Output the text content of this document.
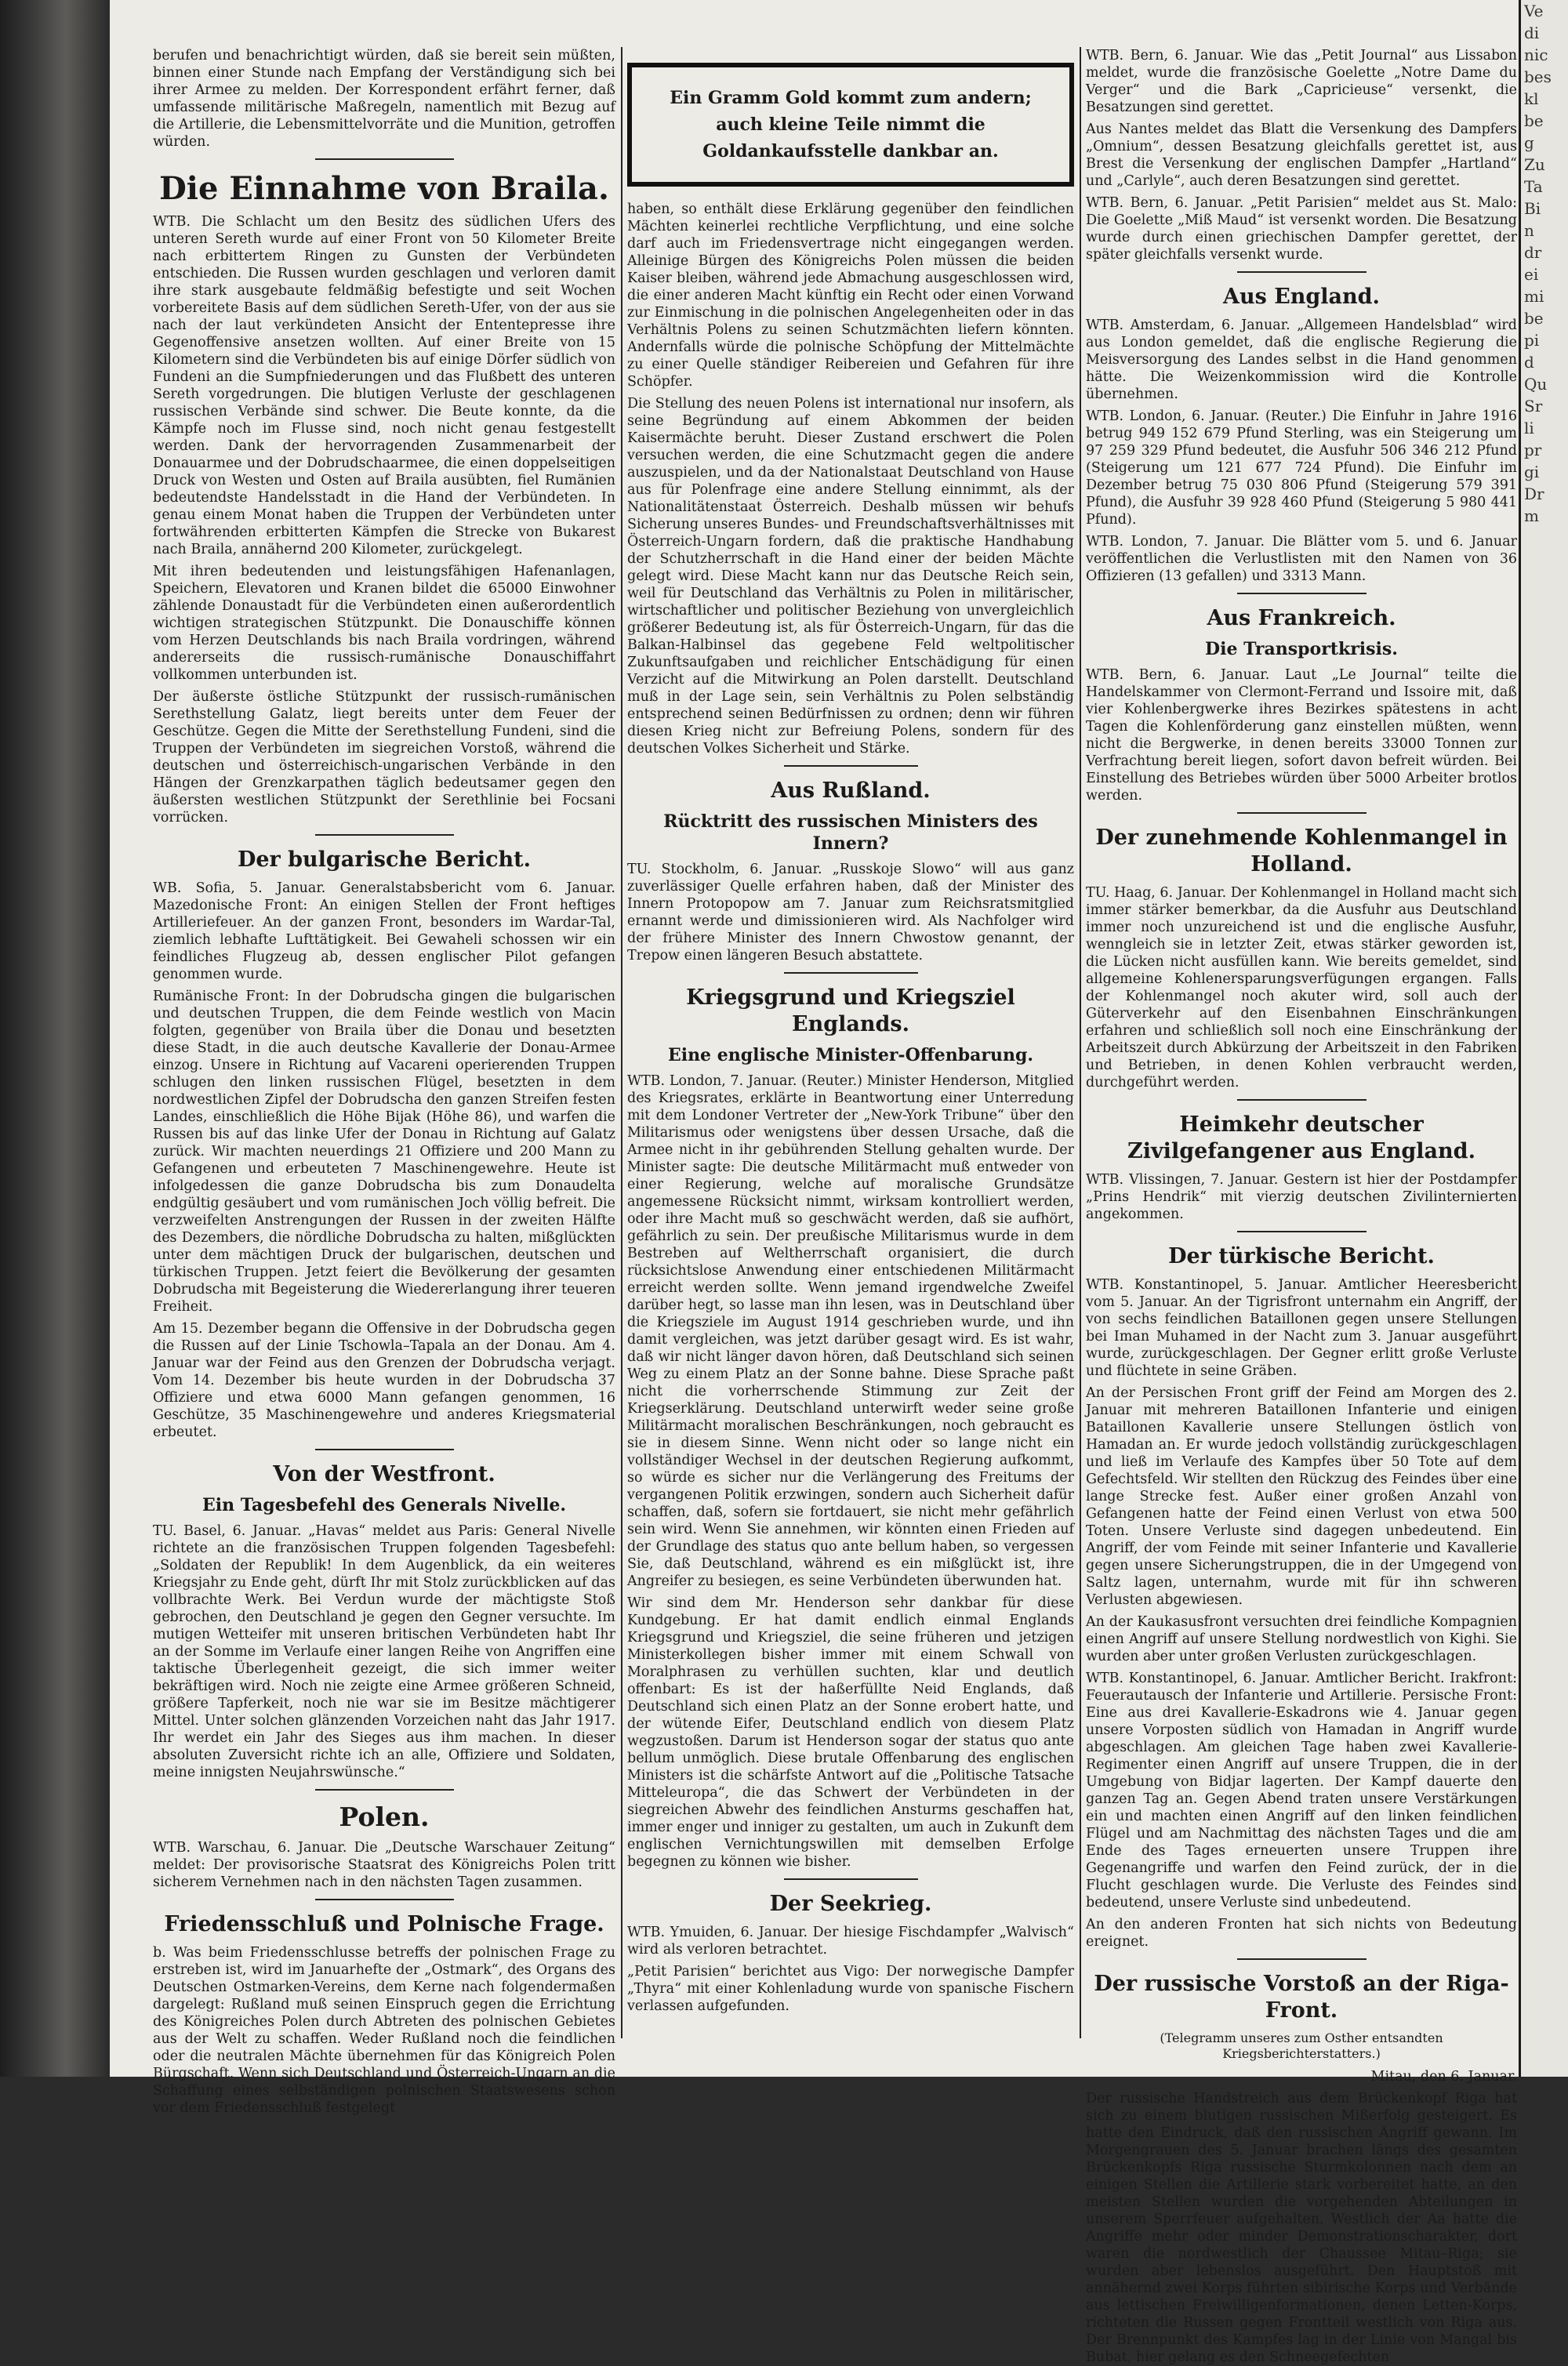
berufen und benachrichtigt würden, daß sie bereit sein müßten, binnen einer Stunde nach Empfang der Verständigung sich bei ihrer Armee zu melden. Der Korrespondent erfährt ferner, daß umfassende militärische Maßregeln, namentlich mit Bezug auf die Artillerie, die Lebensmittelvorräte und die Munition, getroffen würden.

Die Einnahme von Braila.

WTB. Die Schlacht um den Besitz des südlichen Ufers des unteren Sereth wurde auf einer Front von 50 Kilometer Breite nach erbittertem Ringen zu Gunsten der Verbündeten entschieden. Die Russen wurden geschlagen und verloren damit ihre stark ausgebaute feldmäßig befestigte und seit Wochen vorbereitete Basis auf dem südlichen Sereth-Ufer, von der aus sie nach der laut verkündeten Ansicht der Ententepresse ihre Gegenoffensive ansetzen wollten. Auf einer Breite von 15 Kilometern sind die Verbündeten bis auf einige Dörfer südlich von Fundeni an die Sumpfniederungen und das Flußbett des unteren Sereth vorgedrungen. Die blutigen Verluste der geschlagenen russischen Verbände sind schwer. Die Beute konnte, da die Kämpfe noch im Flusse sind, noch nicht genau festgestellt werden. Dank der hervorragenden Zusammenarbeit der Donauarmee und der Dobrudschaarmee, die einen doppelseitigen Druck von Westen und Osten auf Braila ausübten, fiel Rumänien bedeutendste Handelsstadt in die Hand der Verbündeten. In genau einem Monat haben die Truppen der Verbündeten unter fortwährenden erbitterten Kämpfen die Strecke von Bukarest nach Braila, annähernd 200 Kilometer, zurückgelegt.

Mit ihren bedeutenden und leistungsfähigen Hafenanlagen, Speichern, Elevatoren und Kranen bildet die 65000 Einwohner zählende Donaustadt für die Verbündeten einen außerordentlich wichtigen strategischen Stützpunkt. Die Donauschiffe können vom Herzen Deutschlands bis nach Braila vordringen, während andererseits die russisch-rumänische Donauschiffahrt vollkommen unterbunden ist.

Der äußerste östliche Stützpunkt der russisch-rumänischen Serethstellung Galatz, liegt bereits unter dem Feuer der Geschütze. Gegen die Mitte der Serethstellung Fundeni, sind die Truppen der Verbündeten im siegreichen Vorstoß, während die deutschen und österreichisch-ungarischen Verbände in den Hängen der Grenzkarpathen täglich bedeutsamer gegen den äußersten westlichen Stützpunkt der Serethlinie bei Focsani vorrücken.

Der bulgarische Bericht.

WB. Sofia, 5. Januar. Generalstabsbericht vom 6. Januar. Mazedonische Front: An einigen Stellen der Front heftiges Artilleriefeuer. An der ganzen Front, besonders im Wardar-Tal, ziemlich lebhafte Lufttätigkeit. Bei Gewaheli schossen wir ein feindliches Flugzeug ab, dessen englischer Pilot gefangen genommen wurde.

Rumänische Front: In der Dobrudscha gingen die bulgarischen und deutschen Truppen, die dem Feinde westlich von Macin folgten, gegenüber von Braila über die Donau und besetzten diese Stadt, in die auch deutsche Kavallerie der Donau-Armee einzog. Unsere in Richtung auf Vacareni operierenden Truppen schlugen den linken russischen Flügel, besetzten in dem nordwestlichen Zipfel der Dobrudscha den ganzen Streifen festen Landes, einschließlich die Höhe Bijak (Höhe 86), und warfen die Russen bis auf das linke Ufer der Donau in Richtung auf Galatz zurück. Wir machten neuerdings 21 Offiziere und 200 Mann zu Gefangenen und erbeuteten 7 Maschinengewehre. Heute ist infolgedessen die ganze Dobrudscha bis zum Donaudelta endgültig gesäubert und vom rumänischen Joch völlig befreit. Die verzweifelten Anstrengungen der Russen in der zweiten Hälfte des Dezembers, die nördliche Dobrudscha zu halten, mißglückten unter dem mächtigen Druck der bulgarischen, deutschen und türkischen Truppen. Jetzt feiert die Bevölkerung der gesamten Dobrudscha mit Begeisterung die Wiedererlangung ihrer teueren Freiheit.

Am 15. Dezember begann die Offensive in der Dobrudscha gegen die Russen auf der Linie Tschowla–Tapala an der Donau. Am 4. Januar war der Feind aus den Grenzen der Dobrudscha verjagt. Vom 14. Dezember bis heute wurden in der Dobrudscha 37 Offiziere und etwa 6000 Mann gefangen genommen, 16 Geschütze, 35 Maschinengewehre und anderes Kriegsmaterial erbeutet.

Von der Westfront.
Ein Tagesbefehl des Generals Nivelle.

TU. Basel, 6. Januar. „Havas“ meldet aus Paris: General Nivelle richtete an die französischen Truppen folgenden Tagesbefehl: „Soldaten der Republik! In dem Augenblick, da ein weiteres Kriegsjahr zu Ende geht, dürft Ihr mit Stolz zurückblicken auf das vollbrachte Werk. Bei Verdun wurde der mächtigste Stoß gebrochen, den Deutschland je gegen den Gegner versuchte. Im mutigen Wetteifer mit unseren britischen Verbündeten habt Ihr an der Somme im Verlaufe einer langen Reihe von Angriffen eine taktische Überlegenheit gezeigt, die sich immer weiter bekräftigen wird. Noch nie zeigte eine Armee größeren Schneid, größere Tapferkeit, noch nie war sie im Besitze mächtigerer Mittel. Unter solchen glänzenden Vorzeichen naht das Jahr 1917. Ihr werdet ein Jahr des Sieges aus ihm machen. In dieser absoluten Zuversicht richte ich an alle, Offiziere und Soldaten, meine innigsten Neujahrswünsche.“

Polen.

WTB. Warschau, 6. Januar. Die „Deutsche Warschauer Zeitung“ meldet: Der provisorische Staatsrat des Königreichs Polen tritt sicherem Vernehmen nach in den nächsten Tagen zusammen.

Friedensschluß und Polnische Frage.

b. Was beim Friedensschlusse betreffs der polnischen Frage zu erstreben ist, wird im Januarhefte der „Ostmark“, des Organs des Deutschen Ostmarken-Vereins, dem Kerne nach folgendermaßen dargelegt: Rußland muß seinen Einspruch gegen die Errichtung des Königreiches Polen durch Abtreten des polnischen Gebietes aus der Welt zu schaffen. Weder Rußland noch die feindlichen oder die neutralen Mächte übernehmen für das Königreich Polen Bürgschaft. Wenn sich Deutschland und Österreich-Ungarn an die Schaffung eines selbständigen polnischen Staatswesens schon vor dem Friedensschluß festgelegt

Ein Gramm Gold kommt zum andern; auch kleine Teile nimmt die Goldankaufsstelle dankbar an.

haben, so enthält diese Erklärung gegenüber den feindlichen Mächten keinerlei rechtliche Verpflichtung, und eine solche darf auch im Friedensvertrage nicht eingegangen werden. Alleinige Bürgen des Königreichs Polen müssen die beiden Kaiser bleiben, während jede Abmachung ausgeschlossen wird, die einer anderen Macht künftig ein Recht oder einen Vorwand zur Einmischung in die polnischen Angelegenheiten oder in das Verhältnis Polens zu seinen Schutzmächten liefern könnten. Andernfalls würde die polnische Schöpfung der Mittelmächte zu einer Quelle ständiger Reibereien und Gefahren für ihre Schöpfer.

Die Stellung des neuen Polens ist international nur insofern, als seine Begründung auf einem Abkommen der beiden Kaisermächte beruht. Dieser Zustand erschwert die Polen versuchen werden, die eine Schutzmacht gegen die andere auszuspielen, und da der Nationalstaat Deutschland von Hause aus für Polenfrage eine andere Stellung einnimmt, als der Nationalitätenstaat Österreich. Deshalb müssen wir behufs Sicherung unseres Bundes- und Freundschaftsverhältnisses mit Österreich-Ungarn fordern, daß die praktische Handhabung der Schutzherrschaft in die Hand einer der beiden Mächte gelegt wird. Diese Macht kann nur das Deutsche Reich sein, weil für Deutschland das Verhältnis zu Polen in militärischer, wirtschaftlicher und politischer Beziehung von unvergleichlich größerer Bedeutung ist, als für Österreich-Ungarn, für das die Balkan-Halbinsel das gegebene Feld weltpolitischer Zukunftsaufgaben und reichlicher Entschädigung für einen Verzicht auf die Mitwirkung an Polen darstellt. Deutschland muß in der Lage sein, sein Verhältnis zu Polen selbständig entsprechend seinen Bedürfnissen zu ordnen; denn wir führen diesen Krieg nicht zur Befreiung Polens, sondern für des deutschen Volkes Sicherheit und Stärke.

Aus Rußland.
Rücktritt des russischen Ministers des Innern?

TU. Stockholm, 6. Januar. „Russkoje Slowo“ will aus ganz zuverlässiger Quelle erfahren haben, daß der Minister des Innern Protopopow am 7. Januar zum Reichsratsmitglied ernannt werde und dimissionieren wird. Als Nachfolger wird der frühere Minister des Innern Chwostow genannt, der Trepow einen längeren Besuch abstattete.

Kriegsgrund und Kriegsziel Englands.
Eine englische Minister-Offenbarung.

WTB. London, 7. Januar. (Reuter.) Minister Henderson, Mitglied des Kriegsrates, erklärte in Beantwortung einer Unterredung mit dem Londoner Vertreter der „New-York Tribune“ über den Militarismus oder wenigstens über dessen Ursache, daß die Armee nicht in ihr gebührenden Stellung gehalten wurde. Der Minister sagte: Die deutsche Militärmacht muß entweder von einer Regierung, welche auf moralische Grundsätze angemessene Rücksicht nimmt, wirksam kontrolliert werden, oder ihre Macht muß so geschwächt werden, daß sie aufhört, gefährlich zu sein. Der preußische Militarismus wurde in dem Bestreben auf Weltherrschaft organisiert, die durch rücksichtslose Anwendung einer entschiedenen Militärmacht erreicht werden sollte. Wenn jemand irgendwelche Zweifel darüber hegt, so lasse man ihn lesen, was in Deutschland über die Kriegsziele im August 1914 geschrieben wurde, und ihn damit vergleichen, was jetzt darüber gesagt wird. Es ist wahr, daß wir nicht länger davon hören, daß Deutschland sich seinen Weg zu einem Platz an der Sonne bahne. Diese Sprache paßt nicht die vorherrschende Stimmung zur Zeit der Kriegserklärung. Deutschland unterwirft weder seine große Militärmacht moralischen Beschränkungen, noch gebraucht es sie in diesem Sinne. Wenn nicht oder so lange nicht ein vollständiger Wechsel in der deutschen Regierung aufkommt, so würde es sicher nur die Verlängerung des Freitums der vergangenen Politik erzwingen, sondern auch Sicherheit dafür schaffen, daß, sofern sie fortdauert, sie nicht mehr gefährlich sein wird. Wenn Sie annehmen, wir könnten einen Frieden auf der Grundlage des status quo ante bellum haben, so vergessen Sie, daß Deutschland, während es ein mißglückt ist, ihre Angreifer zu besiegen, es seine Verbündeten überwunden hat.

Wir sind dem Mr. Henderson sehr dankbar für diese Kundgebung. Er hat damit endlich einmal Englands Kriegsgrund und Kriegsziel, die seine früheren und jetzigen Ministerkollegen bisher immer mit einem Schwall von Moralphrasen zu verhüllen suchten, klar und deutlich offenbart: Es ist der haßerfüllte Neid Englands, daß Deutschland sich einen Platz an der Sonne erobert hatte, und der wütende Eifer, Deutschland endlich von diesem Platz wegzustoßen. Darum ist Henderson sogar der status quo ante bellum unmöglich. Diese brutale Offenbarung des englischen Ministers ist die schärfste Antwort auf die „Politische Tatsache Mitteleuropa“, die das Schwert der Verbündeten in der siegreichen Abwehr des feindlichen Ansturms geschaffen hat, immer enger und inniger zu gestalten, um auch in Zukunft dem englischen Vernichtungswillen mit demselben Erfolge begegnen zu können wie bisher.

Der Seekrieg.

WTB. Ymuiden, 6. Januar. Der hiesige Fischdampfer „Walvisch“ wird als verloren betrachtet.

„Petit Parisien“ berichtet aus Vigo: Der norwegische Dampfer „Thyra“ mit einer Kohlenladung wurde von spanische Fischern verlassen aufgefunden.

WTB. Bern, 6. Januar. Wie das „Petit Journal“ aus Lissabon meldet, wurde die französische Goelette „Notre Dame du Verger“ und die Bark „Capricieuse“ versenkt, die Besatzungen sind gerettet.

Aus Nantes meldet das Blatt die Versenkung des Dampfers „Omnium“, dessen Besatzung gleichfalls gerettet ist, aus Brest die Versenkung der englischen Dampfer „Hartland“ und „Carlyle“, auch deren Besatzungen sind gerettet.

WTB. Bern, 6. Januar. „Petit Parisien“ meldet aus St. Malo: Die Goelette „Miß Maud“ ist versenkt worden. Die Besatzung wurde durch einen griechischen Dampfer gerettet, der später gleichfalls versenkt wurde.

Aus England.

WTB. Amsterdam, 6. Januar. „Allgemeen Handelsblad“ wird aus London gemeldet, daß die englische Regierung die Meisversorgung des Landes selbst in die Hand genommen hätte. Die Weizenkommission wird die Kontrolle übernehmen.

WTB. London, 6. Januar. (Reuter.) Die Einfuhr in Jahre 1916 betrug 949 152 679 Pfund Sterling, was ein Steigerung um 97 259 329 Pfund bedeutet, die Ausfuhr 506 346 212 Pfund (Steigerung um 121 677 724 Pfund). Die Einfuhr im Dezember betrug 75 030 806 Pfund (Steigerung 579 391 Pfund), die Ausfuhr 39 928 460 Pfund (Steigerung 5 980 441 Pfund).

WTB. London, 7. Januar. Die Blätter vom 5. und 6. Januar veröffentlichen die Verlustlisten mit den Namen von 36 Offizieren (13 gefallen) und 3313 Mann.

Aus Frankreich.
Die Transportkrisis.

WTB. Bern, 6. Januar. Laut „Le Journal“ teilte die Handelskammer von Clermont-Ferrand und Issoire mit, daß vier Kohlenbergwerke ihres Bezirkes spätestens in acht Tagen die Kohlenförderung ganz einstellen müßten, wenn nicht die Bergwerke, in denen bereits 33000 Tonnen zur Verfrachtung bereit liegen, sofort davon befreit würden. Bei Einstellung des Betriebes würden über 5000 Arbeiter brotlos werden.

Der zunehmende Kohlenmangel in Holland.

TU. Haag, 6. Januar. Der Kohlenmangel in Holland macht sich immer stärker bemerkbar, da die Ausfuhr aus Deutschland immer noch unzureichend ist und die englische Ausfuhr, wenngleich sie in letzter Zeit, etwas stärker geworden ist, die Lücken nicht ausfüllen kann. Wie bereits gemeldet, sind allgemeine Kohlenersparungsverfügungen ergangen. Falls der Kohlenmangel noch akuter wird, soll auch der Güterverkehr auf den Eisenbahnen Einschränkungen erfahren und schließlich soll noch eine Einschränkung der Arbeitszeit durch Abkürzung der Arbeitszeit in den Fabriken und Betrieben, in denen Kohlen verbraucht werden, durchgeführt werden.

Heimkehr deutscher Zivilgefangener aus England.

WTB. Vlissingen, 7. Januar. Gestern ist hier der Postdampfer „Prins Hendrik“ mit vierzig deutschen Zivilinternierten angekommen.

Der türkische Bericht.

WTB. Konstantinopel, 5. Januar. Amtlicher Heeresbericht vom 5. Januar. An der Tigrisfront unternahm ein Angriff, der von sechs feindlichen Bataillonen gegen unsere Stellungen bei Iman Muhamed in der Nacht zum 3. Januar ausgeführt wurde, zurückgeschlagen. Der Gegner erlitt große Verluste und flüchtete in seine Gräben.

An der Persischen Front griff der Feind am Morgen des 2. Januar mit mehreren Bataillonen Infanterie und einigen Bataillonen Kavallerie unsere Stellungen östlich von Hamadan an. Er wurde jedoch vollständig zurückgeschlagen und ließ im Verlaufe des Kampfes über 50 Tote auf dem Gefechtsfeld. Wir stellten den Rückzug des Feindes über eine lange Strecke fest. Außer einer großen Anzahl von Gefangenen hatte der Feind einen Verlust von etwa 500 Toten. Unsere Verluste sind dagegen unbedeutend. Ein Angriff, der vom Feinde mit seiner Infanterie und Kavallerie gegen unsere Sicherungstruppen, die in der Umgegend von Saltz lagen, unternahm, wurde mit für ihn schweren Verlusten abgewiesen.

An der Kaukasusfront versuchten drei feindliche Kompagnien einen Angriff auf unsere Stellung nordwestlich von Kighi. Sie wurden aber unter großen Verlusten zurückgeschlagen.

WTB. Konstantinopel, 6. Januar. Amtlicher Bericht. Irakfront: Feuerautausch der Infanterie und Artillerie. Persische Front: Eine aus drei Kavallerie-Eskadrons wie 4. Januar gegen unsere Vorposten südlich von Hamadan in Angriff wurde abgeschlagen. Am gleichen Tage haben zwei Kavallerie-Regimenter einen Angriff auf unsere Truppen, die in der Umgebung von Bidjar lagerten. Der Kampf dauerte den ganzen Tag an. Gegen Abend traten unsere Verstärkungen ein und machten einen Angriff auf den linken feindlichen Flügel und am Nachmittag des nächsten Tages und die am Ende des Tages erneuerten unsere Truppen ihre Gegenangriffe und warfen den Feind zurück, der in die Flucht geschlagen wurde. Die Verluste des Feindes sind bedeutend, unsere Verluste sind unbedeutend.

An den anderen Fronten hat sich nichts von Bedeutung ereignet.

Der russische Vorstoß an der Riga-Front.
(Telegramm unseres zum Osther entsandten Kriegsberichterstatters.)

Mitau, den 6. Januar.

Der russische Handstreich aus dem Brückenkopf Riga hat sich zu einem blutigen russischen Mißerfolg gesteigert. Es hatte den Eindruck, daß den russischen Angriff gewann. Im Morgengrauen des 5. Januar brachen längs des gesamten Brückenkopfs Riga russische Sturmkolonnen nach dem an einigen Stellen die Artillerie stark vorbereitet hatte, an den meisten Stellen wurden die vorgehenden Abteilungen in unserem Sperrfeuer aufgehalten. Westlich der Aa hatte die Angriffe mehr oder minder Demonstrationscharakter, dort waren die nordwestlich der Chaussee Mitau–Riga; sie wurden aber lebenslos ausgeführt. Den Hauptstoß mit annähernd zwei Korps führten sibirische Korps und Verbände aus lettischen Freiwilligenformationen, denen Letten-Korps, richteten die Russen gegen Frontteil westlich von Riga aus. Der Brennpunkt des Kampfes lag in der Linie von Mangal bis Bubat, hier gelang es den Schneegefechten

Ve
di
nic
bes
kl
be
g
Zu
Ta
Bi
n
dr
ei
mi
be
pi
d
Qu
Sr
li
pr
gi
Dr
m
